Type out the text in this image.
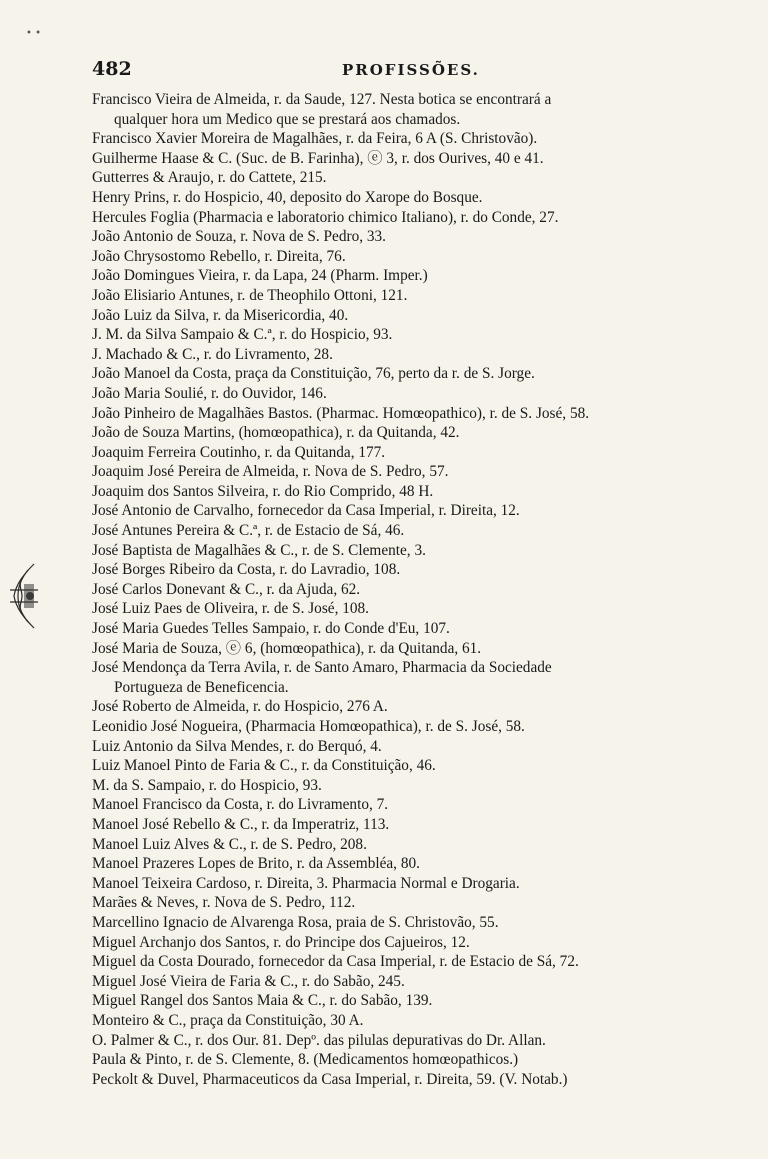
• •
482	PROFISSÕES.
Francisco Vieira de Almeida, r. da Saude, 127. Nesta botica se encontrará a
qualquer hora um Medico que se prestará aos chamados.
Francisco Xavier Moreira de Magalhães, r. da Feira, 6 A (S. Christovão).
Guilherme Haase & C. (Suc. de B. Farinha), ⓔ 3, r. dos Ourives, 40 e 41.
Gutterres & Araujo, r. do Cattete, 215.
Henry Prins, r. do Hospicio, 40, deposito do Xarope do Bosque.
Hercules Foglia (Pharmacia e laboratorio chimico Italiano), r. do Conde, 27.
João Antonio de Souza, r. Nova de S. Pedro, 33.
João Chrysostomo Rebello, r. Direita, 76.
João Domingues Vieira, r. da Lapa, 24 (Pharm. Imper.)
João Elisiario Antunes, r. de Theophilo Ottoni, 121.
João Luiz da Silva, r. da Misericordia, 40.
J. M. da Silva Sampaio & C.ª, r. do Hospicio, 93.
J. Machado & C., r. do Livramento, 28.
João Manoel da Costa, praça da Constituição, 76, perto da r. de S. Jorge.
João Maria Soulié, r. do Ouvidor, 146.
João Pinheiro de Magalhães Bastos. (Pharmac. Homœopathico), r. de S. José, 58.
João de Souza Martins, (homœopathica), r. da Quitanda, 42.
Joaquim Ferreira Coutinho, r. da Quitanda, 177.
Joaquim José Pereira de Almeida, r. Nova de S. Pedro, 57.
Joaquim dos Santos Silveira, r. do Rio Comprido, 48 H.
José Antonio de Carvalho, fornecedor da Casa Imperial, r. Direita, 12.
José Antunes Pereira & C.ª, r. de Estacio de Sá, 46.
José Baptista de Magalhães & C., r. de S. Clemente, 3.
José Borges Ribeiro da Costa, r. do Lavradio, 108.
José Carlos Donevant & C., r. da Ajuda, 62.
José Luiz Paes de Oliveira, r. de S. José, 108.
José Maria Guedes Telles Sampaio, r. do Conde d'Eu, 107.
José Maria de Souza, ⓔ 6, (homœopathica), r. da Quitanda, 61.
José Mendonça da Terra Avila, r. de Santo Amaro, Pharmacia da Sociedade
Portugueza de Beneficencia.
José Roberto de Almeida, r. do Hospicio, 276 A.
Leonidio José Nogueira, (Pharmacia Homœopathica), r. de S. José, 58.
Luiz Antonio da Silva Mendes, r. do Berquó, 4.
Luiz Manoel Pinto de Faria & C., r. da Constituição, 46.
M. da S. Sampaio, r. do Hospicio, 93.
Manoel Francisco da Costa, r. do Livramento, 7.
Manoel José Rebello & C., r. da Imperatriz, 113.
Manoel Luiz Alves & C., r. de S. Pedro, 208.
Manoel Prazeres Lopes de Brito, r. da Assembléa, 80.
Manoel Teixeira Cardoso, r. Direita, 3. Pharmacia Normal e Drogaria.
Marães & Neves, r. Nova de S. Pedro, 112.
Marcellino Ignacio de Alvarenga Rosa, praia de S. Christovão, 55.
Miguel Archanjo dos Santos, r. do Principe dos Cajueiros, 12.
Miguel da Costa Dourado, fornecedor da Casa Imperial, r. de Estacio de Sá, 72.
Miguel José Vieira de Faria & C., r. do Sabão, 245.
Miguel Rangel dos Santos Maia & C., r. do Sabão, 139.
Monteiro & C., praça da Constituição, 30 A.
O. Palmer & C., r. dos Our. 81. Depº. das pilulas depurativas do Dr. Allan.
Paula & Pinto, r. de S. Clemente, 8. (Medicamentos homœopathicos.)
Peckolt & Duvel, Pharmaceuticos da Casa Imperial, r. Direita, 59. (V. Notab.)
